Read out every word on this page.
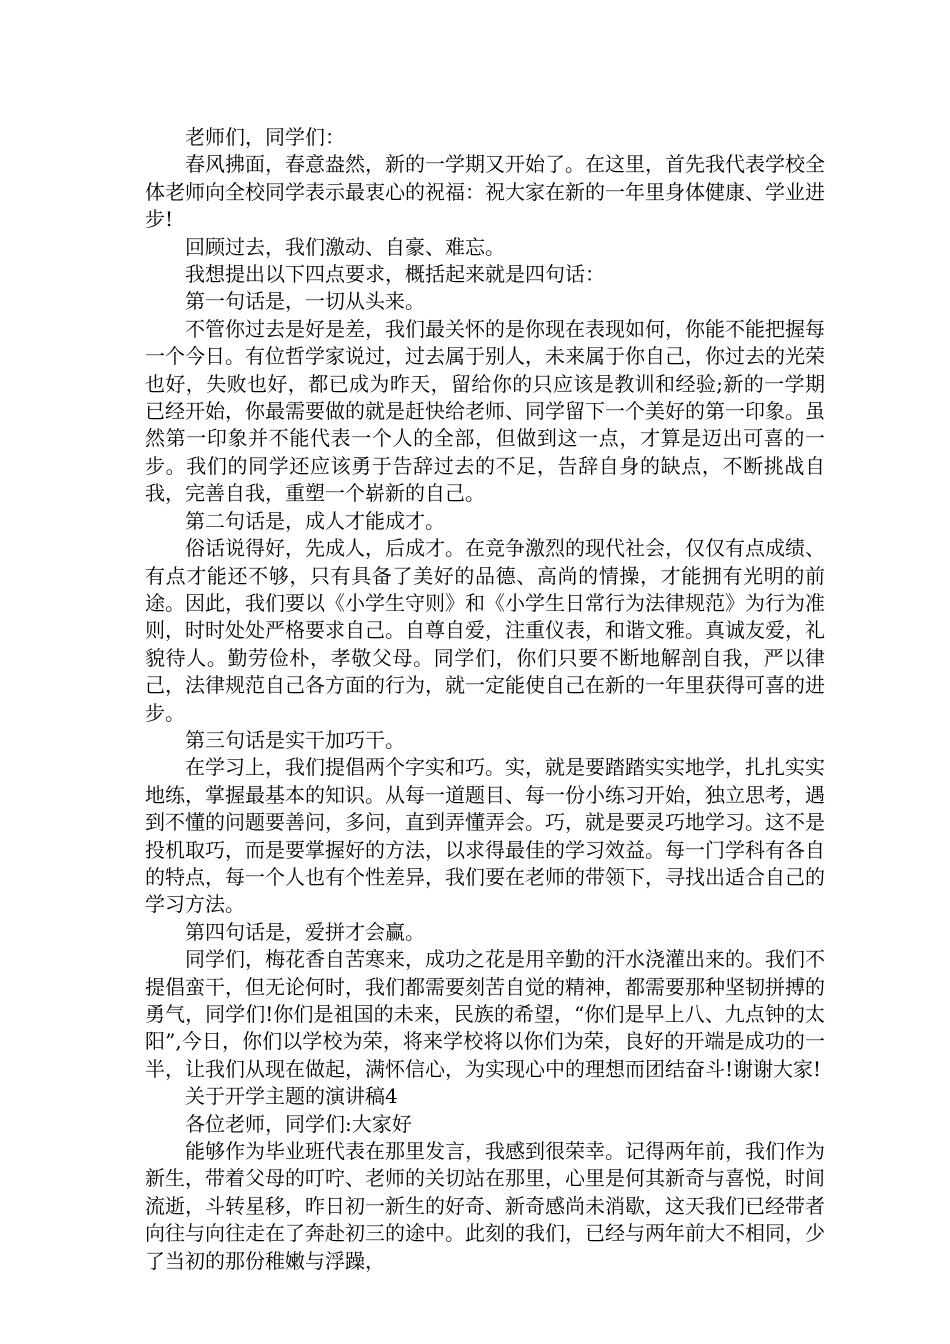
老师们，同学们：

春风拂面，春意盎然，新的一学期又开始了。在这里，首先我代表学校全体老师向全校同学表示最衷心的祝福：祝大家在新的一年里身体健康、学业进步!

回顾过去，我们激动、自豪、难忘。

我想提出以下四点要求，概括起来就是四句话：

第一句话是，一切从头来。

不管你过去是好是差，我们最关怀的是你现在表现如何，你能不能把握每一个今日。有位哲学家说过，过去属于别人，未来属于你自己，你过去的光荣也好，失败也好，都已成为昨天，留给你的只应该是教训和经验;新的一学期已经开始，你最需要做的就是赶快给老师、同学留下一个美好的第一印象。虽然第一印象并不能代表一个人的全部，但做到这一点，才算是迈出可喜的一步。我们的同学还应该勇于告辞过去的不足，告辞自身的缺点，不断挑战自我，完善自我，重塑一个崭新的自己。

第二句话是，成人才能成才。

俗话说得好，先成人，后成才。在竞争激烈的现代社会，仅仅有点成绩、有点才能还不够，只有具备了美好的品德、高尚的情操，才能拥有光明的前途。因此，我们要以《小学生守则》和《小学生日常行为法律规范》为行为准则，时时处处严格要求自己。自尊自爱，注重仪表，和谐文雅。真诚友爱，礼貌待人。勤劳俭朴，孝敬父母。同学们，你们只要不断地解剖自我，严以律己，法律规范自己各方面的行为，就一定能使自己在新的一年里获得可喜的进步。

第三句话是实干加巧干。

在学习上，我们提倡两个字实和巧。实，就是要踏踏实实地学，扎扎实实地练，掌握最基本的知识。从每一道题目、每一份小练习开始，独立思考，遇到不懂的问题要善问，多问，直到弄懂弄会。巧，就是要灵巧地学习。这不是投机取巧，而是要掌握好的方法，以求得最佳的学习效益。每一门学科有各自的特点，每一个人也有个性差异，我们要在老师的带领下，寻找出适合自己的学习方法。

第四句话是，爱拼才会赢。

同学们，梅花香自苦寒来，成功之花是用辛勤的汗水浇灌出来的。我们不提倡蛮干，但无论何时，我们都需要刻苦自觉的精神，都需要那种坚韧拼搏的勇气，同学们!你们是祖国的未来，民族的希望，“你们是早上八、九点钟的太阳”,今日，你们以学校为荣，将来学校将以你们为荣，良好的开端是成功的一半，让我们从现在做起，满怀信心，为实现心中的理想而团结奋斗!谢谢大家!

关于开学主题的演讲稿4

各位老师，同学们:大家好

能够作为毕业班代表在那里发言，我感到很荣幸。记得两年前，我们作为新生，带着父母的叮咛、老师的关切站在那里，心里是何其新奇与喜悦，时间流逝，斗转星移，昨日初一新生的好奇、新奇感尚未消歇，这天我们已经带者向往与向往走在了奔赴初三的途中。此刻的我们，已经与两年前大不相同，少了当初的那份稚嫩与浮躁，
